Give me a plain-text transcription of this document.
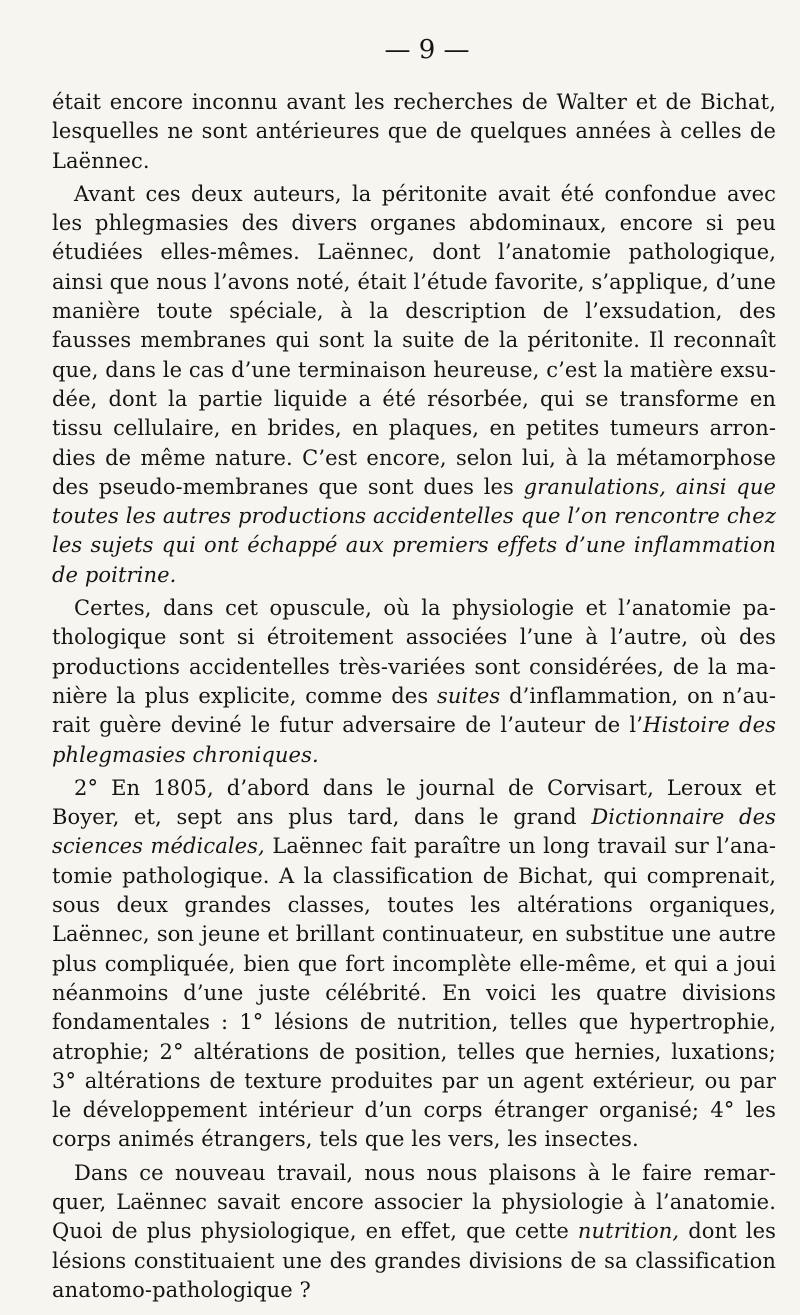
— 9 —

était encore inconnu avant les recherches de Walter et de Bichat, lesquelles ne sont antérieures que de quelques années à celles de Laënnec.

Avant ces deux auteurs, la péritonite avait été confondue avec les phlegmasies des divers organes abdominaux, encore si peu étudiées elles-mêmes. Laënnec, dont l’anatomie pathologique, ainsi que nous l’avons noté, était l’étude favorite, s’applique, d’une manière toute spéciale, à la description de l’exsudation, des fausses membranes qui sont la suite de la péritonite. Il reconnaît que, dans le cas d’une terminaison heureuse, c’est la matière exsudée, dont la partie liquide a été résorbée, qui se transforme en tissu cellulaire, en brides, en plaques, en petites tumeurs arrondies de même nature. C’est encore, selon lui, à la métamorphose des pseudo-membranes que sont dues les granulations, ainsi que toutes les autres productions accidentelles que l’on rencontre chez les sujets qui ont échappé aux premiers effets d’une inflammation de poitrine.

Certes, dans cet opuscule, où la physiologie et l’anatomie pathologique sont si étroitement associées l’une à l’autre, où des productions accidentelles très-variées sont considérées, de la manière la plus explicite, comme des suites d’inflammation, on n’aurait guère deviné le futur adversaire de l’auteur de l’Histoire des phlegmasies chroniques.

2° En 1805, d’abord dans le journal de Corvisart, Leroux et Boyer, et, sept ans plus tard, dans le grand Dictionnaire des sciences médicales, Laënnec fait paraître un long travail sur l’anatomie pathologique. A la classification de Bichat, qui comprenait, sous deux grandes classes, toutes les altérations organiques, Laënnec, son jeune et brillant continuateur, en substitue une autre plus compliquée, bien que fort incomplète elle-même, et qui a joui néanmoins d’une juste célébrité. En voici les quatre divisions fondamentales : 1° lésions de nutrition, telles que hypertrophie, atrophie; 2° altérations de position, telles que hernies, luxations; 3° altérations de texture produites par un agent extérieur, ou par le développement intérieur d’un corps étranger organisé; 4° les corps animés étrangers, tels que les vers, les insectes.

Dans ce nouveau travail, nous nous plaisons à le faire remarquer, Laënnec savait encore associer la physiologie à l’anatomie. Quoi de plus physiologique, en effet, que cette nutrition, dont les lésions constituaient une des grandes divisions de sa classification anatomo-pathologique ?
